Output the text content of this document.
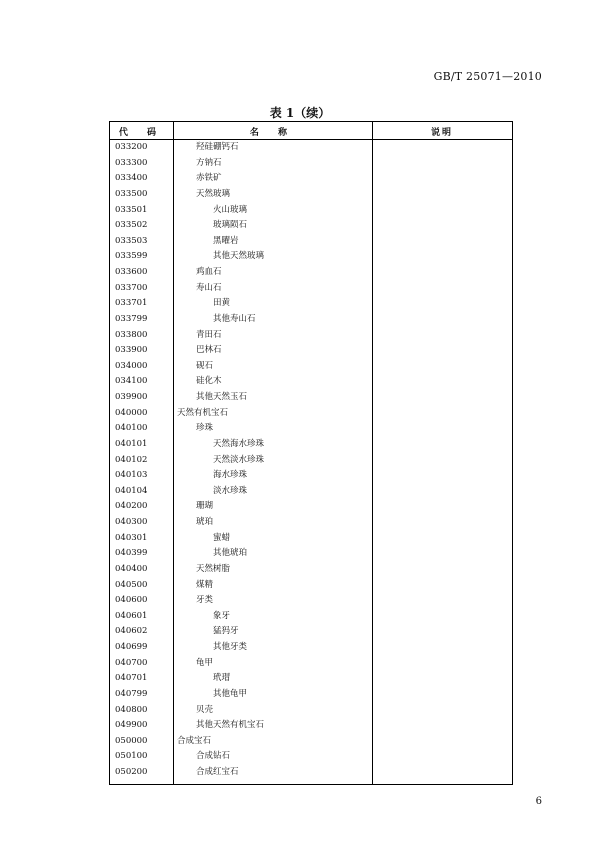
GB/T 25071—2010
表 1（续）
代 码	名 称	说明
033200	羟硅硼钙石
033300	方钠石
033400	赤铁矿
033500	天然玻璃
033501	火山玻璃
033502	玻璃陨石
033503	黑曜岩
033599	其他天然玻璃
033600	鸡血石
033700	寿山石
033701	田黄
033799	其他寿山石
033800	青田石
033900	巴林石
034000	砚石
034100	硅化木
039900	其他天然玉石
040000	天然有机宝石
040100	珍珠
040101	天然海水珍珠
040102	天然淡水珍珠
040103	海水珍珠
040104	淡水珍珠
040200	珊瑚
040300	琥珀
040301	蜜蜡
040399	其他琥珀
040400	天然树脂
040500	煤精
040600	牙类
040601	象牙
040602	猛犸牙
040699	其他牙类
040700	龟甲
040701	玳瑁
040799	其他龟甲
040800	贝壳
049900	其他天然有机宝石
050000	合成宝石
050100	合成钻石
050200	合成红宝石
6
